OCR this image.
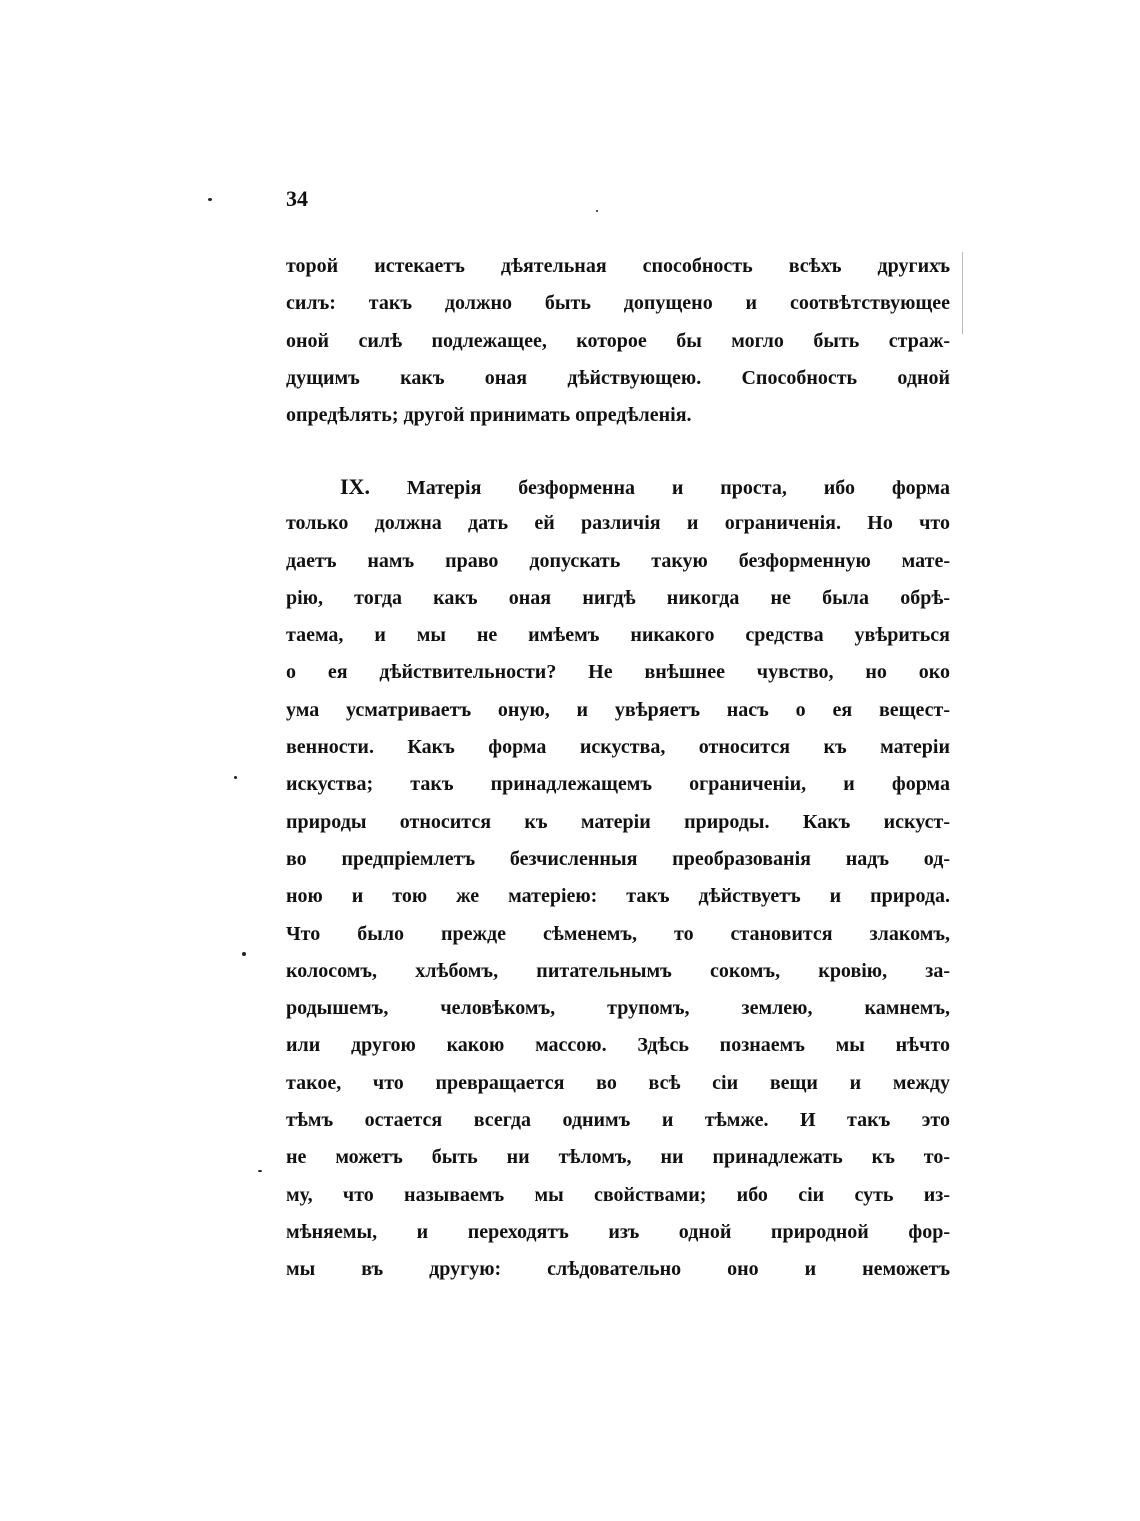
34
торой истекаетъ дѣятельная способность всѣхъ другихъ
силъ: такъ должно быть допущено и соотвѣтствующее
оной силѣ подлежащее, которое бы могло быть страж-
дущимъ какъ оная дѣйствующею. Способность одной
опредѣлять; другой принимать опредѣленія.
IX. Матерія безформенна и проста, ибо форма
только должна дать ей различія и ограниченія. Но что
даетъ намъ право допускать такую безформенную мате-
рію, тогда какъ оная нигдѣ никогда не была обрѣ-
таема, и мы не имѣемъ никакого средства увѣриться
о ея дѣйствительности? Не внѣшнее чувство, но око
ума усматриваетъ оную, и увѣряетъ насъ о ея вещест-
венности. Какъ форма искуства, относится къ матеріи
искуства; такъ принадлежащемъ ограниченіи, и форма
природы относится къ матеріи природы. Какъ искуст-
во предпріемлетъ безчисленныя преобразованія надъ од-
ною и тою же матеріею: такъ дѣйствуетъ и природа.
Что было прежде сѣменемъ, то становится злакомъ,
колосомъ, хлѣбомъ, питательнымъ сокомъ, кровію, за-
родышемъ, человѣкомъ, трупомъ, землею, камнемъ,
или другою какою массою. Здѣсь познаемъ мы нѣчто
такое, что превращается во всѣ сіи вещи и между
тѣмъ остается всегда однимъ и тѣмже. И такъ это
не можетъ быть ни тѣломъ, ни принадлежать къ то-
му, что называемъ мы свойствами; ибо сіи суть из-
мѣняемы, и переходятъ изъ одной природной фор-
мы въ другую: слѣдовательно оно и неможетъ
